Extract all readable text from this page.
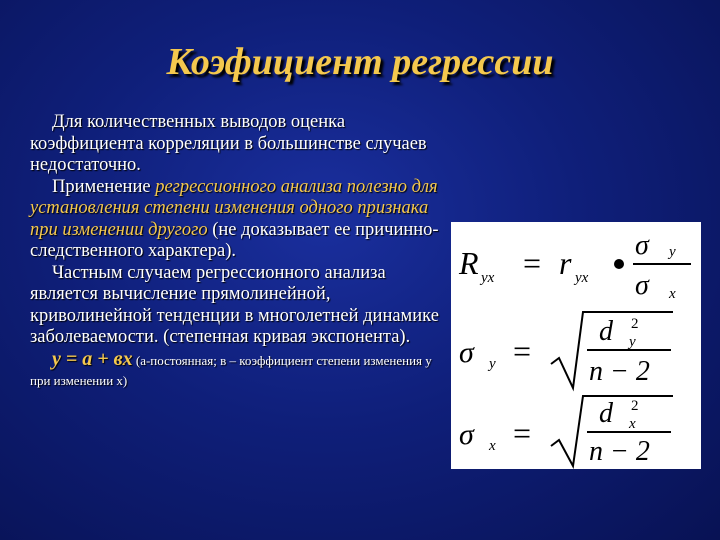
Коэфициент регрессии

Для количественных выводов оценка коэффициента корреляции в большинстве случаев недостаточно.

Применение регрессионного анализа полезно для установления степени изменения одного признака при изменении другого (не доказывает ее причинно-следственного характера).

Частным случаем регрессионного анализа является вычисление прямолинейной, криволинейной тенденции в многолетней динамике заболеваемости. (степенная кривая экспонента).

y = a + вх (а-постоянная; в – коэффициент степени изменения у при изменении х)

R yx = r yx
σ y
σ x
σ y =
d 2
y
n − 2
σ x =
d 2
x
n − 2
